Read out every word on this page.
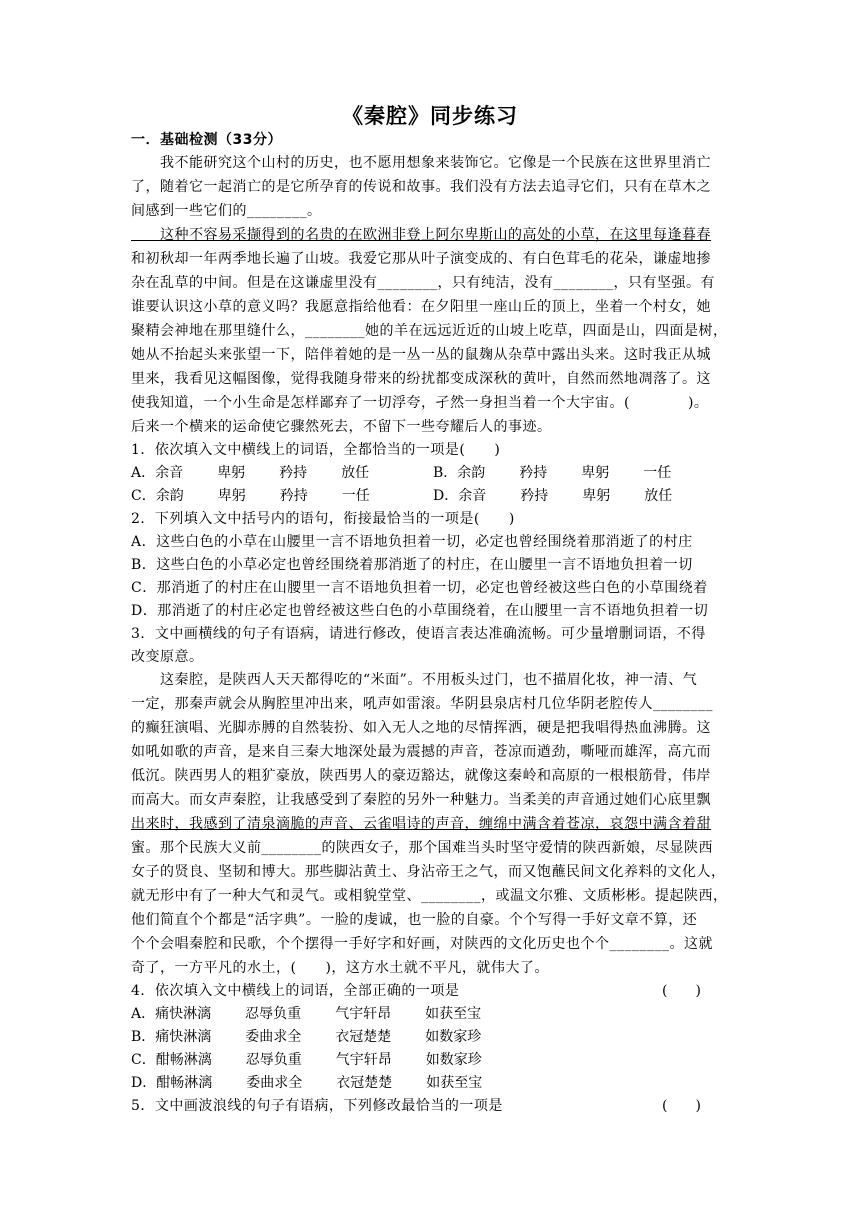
《秦腔》同步练习
一．基础检测（33分）
　　我不能研究这个山村的历史，也不愿用想象来装饰它。它像是一个民族在这世界里消亡
了，随着它一起消亡的是它所孕育的传说和故事。我们没有方法去追寻它们，只有在草木之
间感到一些它们的________。
　　这种不容易采撷得到的名贵的在欧洲非登上阿尔卑斯山的高处的小草，在这里每逢暮春
和初秋却一年两季地长遍了山坡。我爱它那从叶子演变成的、有白色茸毛的花朵，谦虚地掺
杂在乱草的中间。但是在这谦虚里没有________，只有纯洁，没有________，只有坚强。有
谁要认识这小草的意义吗？我愿意指给他看：在夕阳里一座山丘的顶上，坐着一个村女，她
聚精会神地在那里缝什么，________她的羊在远远近近的山坡上吃草，四面是山，四面是树，
她从不抬起头来张望一下，陪伴着她的是一丛一丛的鼠麹从杂草中露出头来。这时我正从城
里来，我看见这幅图像，觉得我随身带来的纷扰都变成深秋的黄叶，自然而然地凋落了。这
使我知道，一个小生命是怎样鄙弃了一切浮夸，孑然一身担当着一个大宇宙。(　　　　)。
后来一个横来的运命使它骤然死去，不留下一些夸耀后人的事迹。
1．依次填入文中横线上的词语，全都恰当的一项是(　　)
A．余音 卑躬 矜持 放任	B．余韵 矜持 卑躬 一任
C．余韵 卑躬 矜持 一任	D．余音 矜持 卑躬 放任
2．下列填入文中括号内的语句，衔接最恰当的一项是(　　)
A．这些白色的小草在山腰里一言不语地负担着一切，必定也曾经围绕着那消逝了的村庄
B．这些白色的小草必定也曾经围绕着那消逝了的村庄，在山腰里一言不语地负担着一切
C．那消逝了的村庄在山腰里一言不语地负担着一切，必定也曾经被这些白色的小草围绕着
D．那消逝了的村庄必定也曾经被这些白色的小草围绕着，在山腰里一言不语地负担着一切
3．文中画横线的句子有语病，请进行修改，使语言表达准确流畅。可少量增删词语，不得
改变原意。
　　这秦腔，是陕西人天天都得吃的“米面”。不用板头过门，也不描眉化妆，神一清、气
一定，那秦声就会从胸腔里冲出来，吼声如雷滚。华阴县泉店村几位华阴老腔传人________
的癫狂演唱、光脚赤膊的自然装扮、如入无人之地的尽情挥洒，硬是把我唱得热血沸腾。这
如吼如歌的声音，是来自三秦大地深处最为震撼的声音，苍凉而遒劲，嘶哑而雄浑，高亢而
低沉。陕西男人的粗犷豪放，陕西男人的豪迈豁达，就像这秦岭和高原的一根根筋骨，伟岸
而高大。而女声秦腔，让我感受到了秦腔的另外一种魅力。当柔美的声音通过她们心底里飘
出来时，我感到了清泉滴脆的声音、云雀唱诗的声音，缠绵中满含着苍凉，哀怨中满含着甜
蜜。那个民族大义前________的陕西女子，那个国难当头时坚守爱情的陕西新娘，尽显陕西
女子的贤良、坚韧和博大。那些脚沾黄土、身沾帝王之气，而又饱蘸民间文化养料的文化人，
就无形中有了一种大气和灵气。或相貌堂堂、________，或温文尔雅、文质彬彬。提起陕西，
他们简直个个都是“活字典”。一脸的虔诚，也一脸的自豪。个个写得一手好文章不算，还
个个会唱秦腔和民歌，个个摆得一手好字和好画，对陕西的文化历史也个个________。这就
奇了，一方平凡的水土，(　　)，这方水土就不平凡，就伟大了。
4．依次填入文中横线上的词语，全部正确的一项是	(　　)
A．痛快淋漓 忍辱负重 气宇轩昂 如获至宝
B．痛快淋漓 委曲求全 衣冠楚楚 如数家珍
C．酣畅淋漓 忍辱负重 气宇轩昂 如数家珍
D．酣畅淋漓 委曲求全 衣冠楚楚 如获至宝
5．文中画波浪线的句子有语病，下列修改最恰当的一项是	(　　)
